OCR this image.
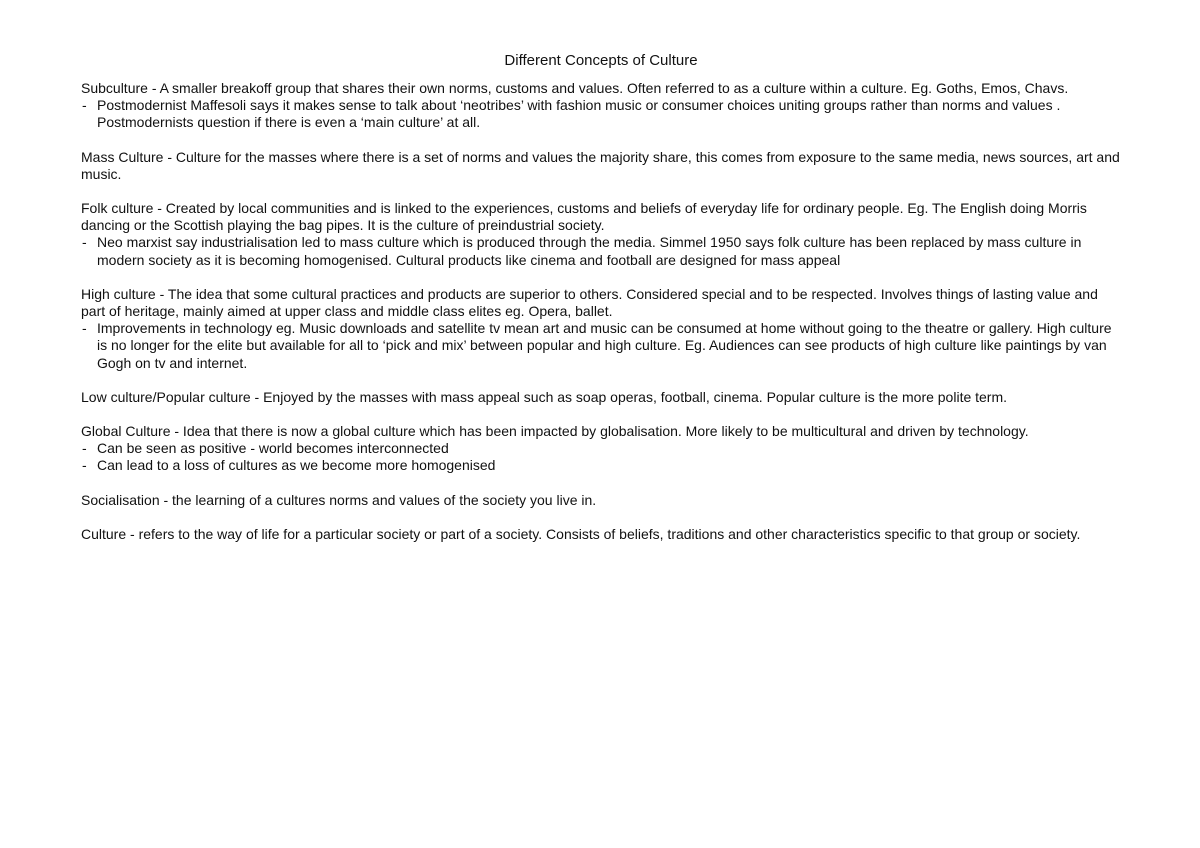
Different Concepts of Culture

Subculture - A smaller breakoff group that shares their own norms, customs and values. Often referred to as a culture within a culture. Eg. Goths, Emos, Chavs.

- Postmodernist Maffesoli says it makes sense to talk about ‘neotribes’ with fashion music or consumer choices uniting groups rather than norms and values . Postmodernists question if there is even a ‘main culture’ at all.

Mass Culture - Culture for the masses where there is a set of norms and values the majority share, this comes from exposure to the same media, news sources, art and music.

Folk culture - Created by local communities and is linked to the experiences, customs and beliefs of everyday life for ordinary people. Eg. The English doing Morris dancing or the Scottish playing the bag pipes. It is the culture of preindustrial society.

- Neo marxist say industrialisation led to mass culture which is produced through the media. Simmel 1950 says folk culture has been replaced by mass culture in modern society as it is becoming homogenised. Cultural products like cinema and football are designed for mass appeal

High culture - The idea that some cultural practices and products are superior to others. Considered special and to be respected. Involves things of lasting value and part of heritage, mainly aimed at upper class and middle class elites eg. Opera, ballet.

- Improvements in technology eg. Music downloads and satellite tv mean art and music can be consumed at home without going to the theatre or gallery. High culture is no longer for the elite but available for all to ‘pick and mix’ between popular and high culture. Eg. Audiences can see products of high culture like paintings by van Gogh on tv and internet.

Low culture/Popular culture - Enjoyed by the masses with mass appeal such as soap operas, football, cinema. Popular culture is the more polite term.

Global Culture - Idea that there is now a global culture which has been impacted by globalisation. More likely to be multicultural and driven by technology.

- Can be seen as positive - world becomes interconnected
- Can lead to a loss of cultures as we become more homogenised

Socialisation - the learning of a cultures norms and values of the society you live in.

Culture - refers to the way of life for a particular society or part of a society. Consists of beliefs, traditions and other characteristics specific to that group or society.
